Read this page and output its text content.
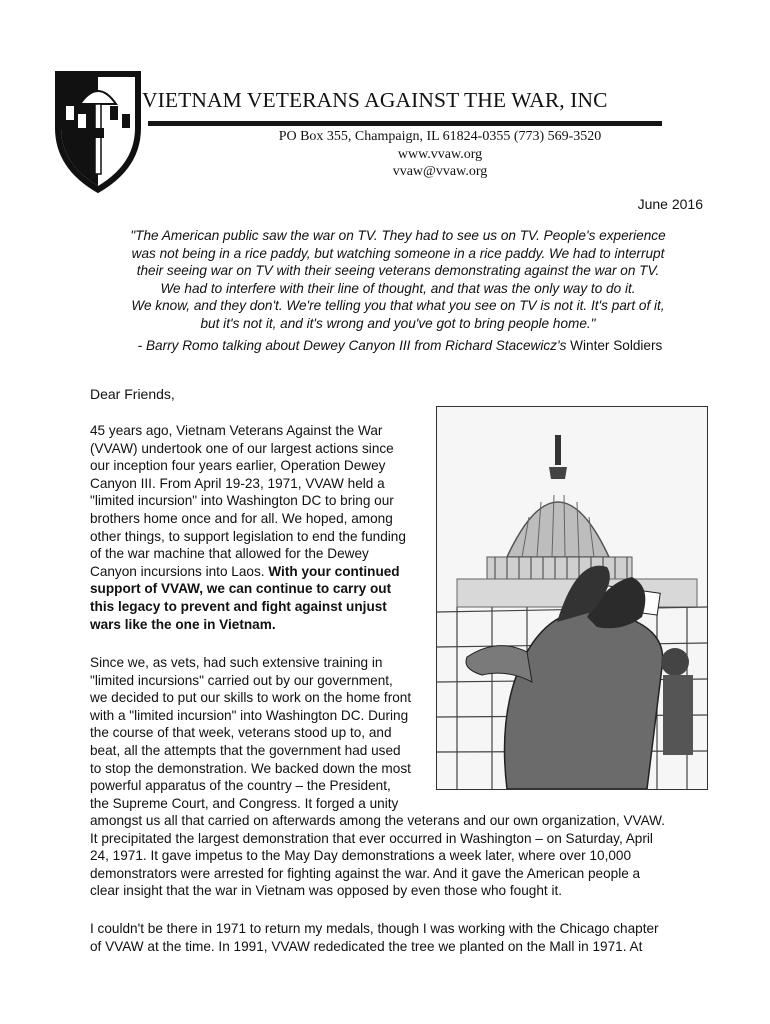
VIETNAM VETERANS AGAINST THE WAR, INC
PO Box 355, Champaign, IL 61824-0355 (773) 569-3520
www.vvaw.org
vvaw@vvaw.org
June 2016
"The American public saw the war on TV. They had to see us on TV. People's experience
was not being in a rice paddy, but watching someone in a rice paddy. We had to interrupt
their seeing war on TV with their seeing veterans demonstrating against the war on TV.
We had to interfere with their line of thought, and that was the only way to do it.
We know, and they don't. We're telling you that what you see on TV is not it. It's part of it,
but it's not it, and it's wrong and you've got to bring people home."
- Barry Romo talking about Dewey Canyon III from Richard Stacewicz's Winter Soldiers
Dear Friends,
45 years ago, Vietnam Veterans Against the War
(VVAW) undertook one of our largest actions since
our inception four years earlier, Operation Dewey
Canyon III. From April 19-23, 1971, VVAW held a
"limited incursion" into Washington DC to bring our
brothers home once and for all. We hoped, among
other things, to support legislation to end the funding
of the war machine that allowed for the Dewey
Canyon incursions into Laos. With your continued
support of VVAW, we can continue to carry out
this legacy to prevent and fight against unjust
wars like the one in Vietnam.
Since we, as vets, had such extensive training in
"limited incursions" carried out by our government,
we decided to put our skills to work on the home front
with a "limited incursion" into Washington DC. During
the course of that week, veterans stood up to, and
beat, all the attempts that the government had used
to stop the demonstration. We backed down the most
powerful apparatus of the country – the President,
the Supreme Court, and Congress. It forged a unity
amongst us all that carried on afterwards among the veterans and our own organization, VVAW.
It precipitated the largest demonstration that ever occurred in Washington – on Saturday, April
24, 1971. It gave impetus to the May Day demonstrations a week later, where over 10,000
demonstrators were arrested for fighting against the war. And it gave the American people a
clear insight that the war in Vietnam was opposed by even those who fought it.
I couldn't be there in 1971 to return my medals, though I was working with the Chicago chapter
of VVAW at the time. In 1991, VVAW rededicated the tree we planted on the Mall in 1971. At
